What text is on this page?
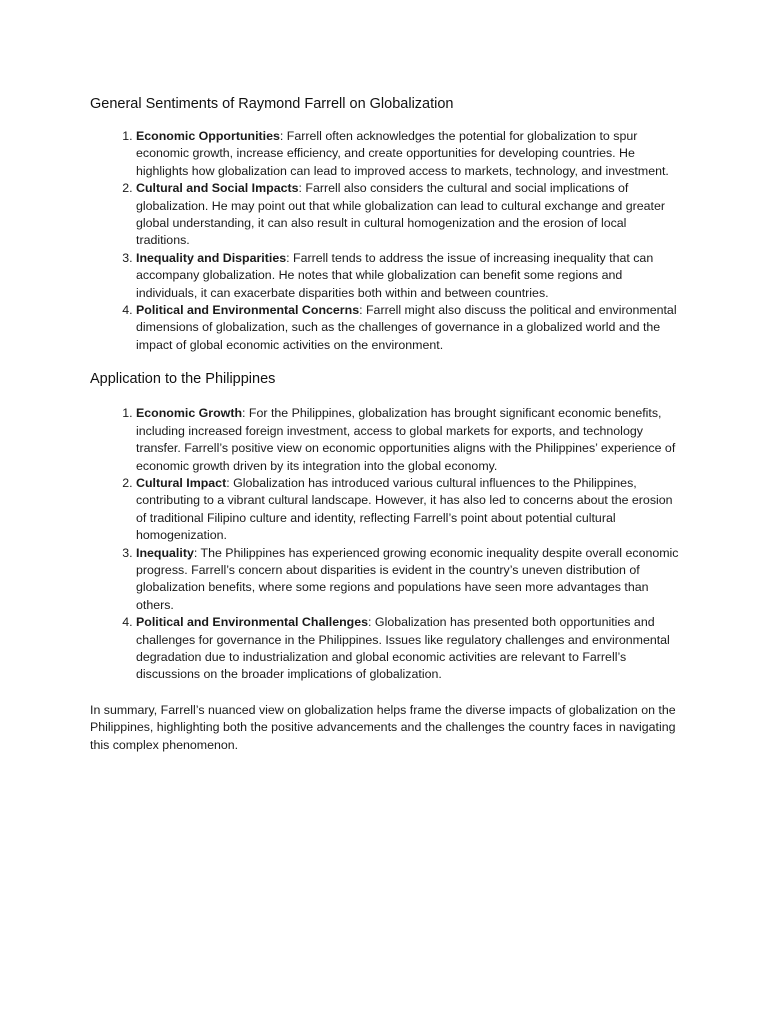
General Sentiments of Raymond Farrell on Globalization
1. Economic Opportunities: Farrell often acknowledges the potential for globalization to spur economic growth, increase efficiency, and create opportunities for developing countries. He highlights how globalization can lead to improved access to markets, technology, and investment.
2. Cultural and Social Impacts: Farrell also considers the cultural and social implications of globalization. He may point out that while globalization can lead to cultural exchange and greater global understanding, it can also result in cultural homogenization and the erosion of local traditions.
3. Inequality and Disparities: Farrell tends to address the issue of increasing inequality that can accompany globalization. He notes that while globalization can benefit some regions and individuals, it can exacerbate disparities both within and between countries.
4. Political and Environmental Concerns: Farrell might also discuss the political and environmental dimensions of globalization, such as the challenges of governance in a globalized world and the impact of global economic activities on the environment.
Application to the Philippines
1. Economic Growth: For the Philippines, globalization has brought significant economic benefits, including increased foreign investment, access to global markets for exports, and technology transfer. Farrell’s positive view on economic opportunities aligns with the Philippines’ experience of economic growth driven by its integration into the global economy.
2. Cultural Impact: Globalization has introduced various cultural influences to the Philippines, contributing to a vibrant cultural landscape. However, it has also led to concerns about the erosion of traditional Filipino culture and identity, reflecting Farrell’s point about potential cultural homogenization.
3. Inequality: The Philippines has experienced growing economic inequality despite overall economic progress. Farrell’s concern about disparities is evident in the country’s uneven distribution of globalization benefits, where some regions and populations have seen more advantages than others.
4. Political and Environmental Challenges: Globalization has presented both opportunities and challenges for governance in the Philippines. Issues like regulatory challenges and environmental degradation due to industrialization and global economic activities are relevant to Farrell’s discussions on the broader implications of globalization.

In summary, Farrell’s nuanced view on globalization helps frame the diverse impacts of globalization on the Philippines, highlighting both the positive advancements and the challenges the country faces in navigating this complex phenomenon.
